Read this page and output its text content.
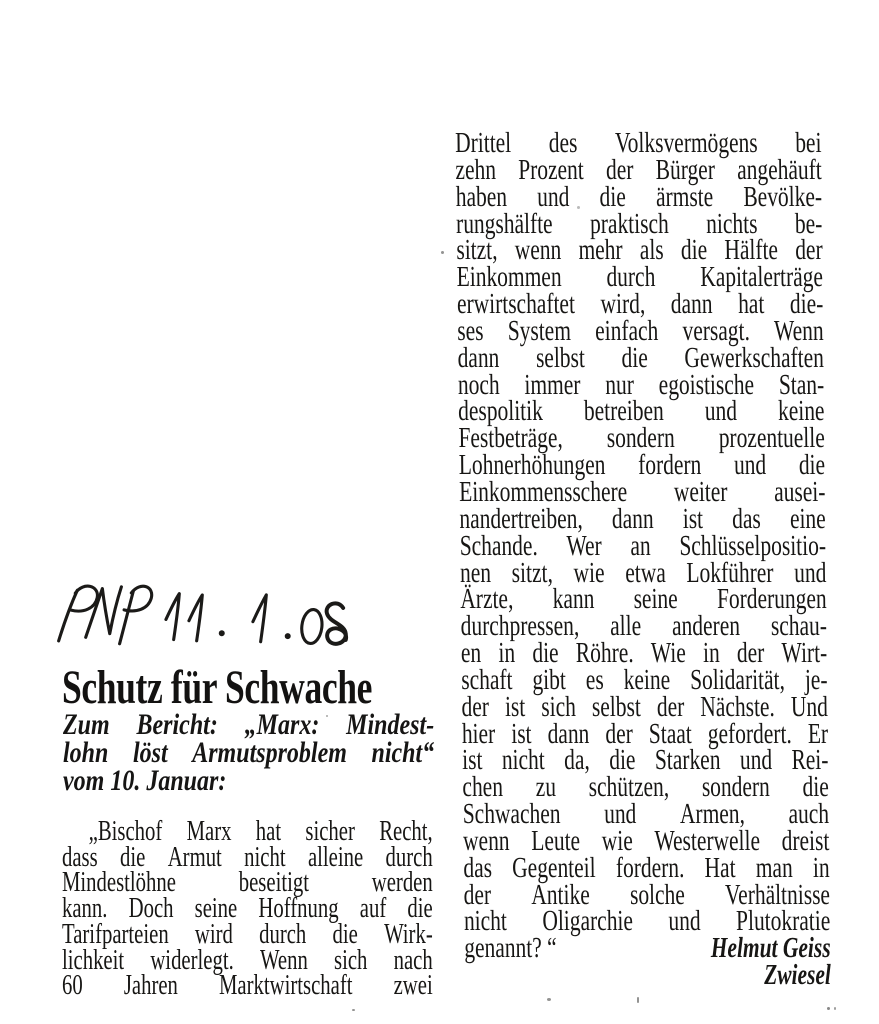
Schutz für Schwache
Zum Bericht: „Marx: Mindest-
lohn löst Armutsproblem nicht“
vom 10. Januar:
„Bischof Marx hat sicher Recht,
dass die Armut nicht alleine durch
Mindestlöhne beseitigt werden
kann. Doch seine Hoffnung auf die
Tarifparteien wird durch die Wirk-
lichkeit widerlegt. Wenn sich nach
60 Jahren Marktwirtschaft zwei
Drittel des Volksvermögens bei
zehn Prozent der Bürger angehäuft
haben und die ärmste Bevölke-
rungshälfte praktisch nichts be-
sitzt, wenn mehr als die Hälfte der
Einkommen durch Kapitalerträge
erwirtschaftet wird, dann hat die-
ses System einfach versagt. Wenn
dann selbst die Gewerkschaften
noch immer nur egoistische Stan-
despolitik betreiben und keine
Festbeträge, sondern prozentuelle
Lohnerhöhungen fordern und die
Einkommensschere weiter ausei-
nandertreiben, dann ist das eine
Schande. Wer an Schlüsselpositio-
nen sitzt, wie etwa Lokführer und
Ärzte, kann seine Forderungen
durchpressen, alle anderen schau-
en in die Röhre. Wie in der Wirt-
schaft gibt es keine Solidarität, je-
der ist sich selbst der Nächste. Und
hier ist dann der Staat gefordert. Er
ist nicht da, die Starken und Rei-
chen zu schützen, sondern die
Schwachen und Armen, auch
wenn Leute wie Westerwelle dreist
das Gegenteil fordern. Hat man in
der Antike solche Verhältnisse
nicht Oligarchie und Plutokratie
genannt? “	Helmut Geiss
Zwiesel
